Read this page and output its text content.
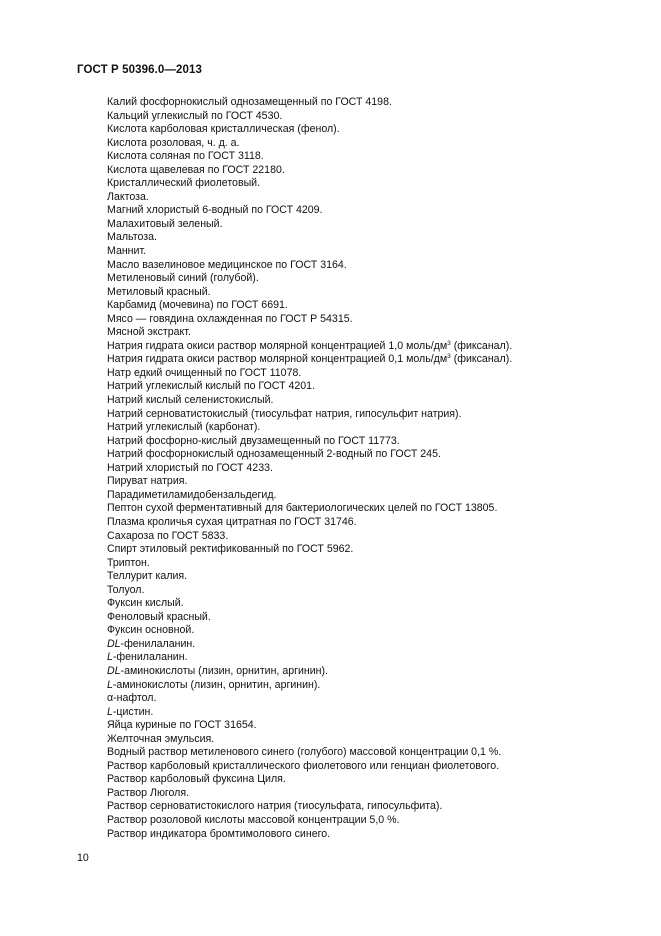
ГОСТ Р 50396.0—2013
Калий фосфорнокислый однозамещенный по ГОСТ 4198.
Кальций углекислый по ГОСТ 4530.
Кислота карболовая кристаллическая (фенол).
Кислота розоловая, ч. д. а.
Кислота соляная по ГОСТ 3118.
Кислота щавелевая по ГОСТ 22180.
Кристаллический фиолетовый.
Лактоза.
Магний хлористый 6-водный по ГОСТ 4209.
Малахитовый зеленый.
Мальтоза.
Маннит.
Масло вазелиновое медицинское по ГОСТ 3164.
Метиленовый синий (голубой).
Метиловый красный.
Карбамид (мочевина) по ГОСТ 6691.
Мясо — говядина охлажденная по ГОСТ Р 54315.
Мясной экстракт.
Натрия гидрата окиси раствор молярной концентрацией 1,0 моль/$дм^3$ (фиксанал).
Натрия гидрата окиси раствор молярной концентрацией 0,1 моль/$дм^3$ (фиксанал).
Натр едкий очищенный по ГОСТ 11078.
Натрий углекислый кислый по ГОСТ 4201.
Натрий кислый селенистокислый.
Натрий серноватистокислый (тиосульфат натрия, гипосульфит натрия).
Натрий углекислый (карбонат).
Натрий фосфорно-кислый двузамещенный по ГОСТ 11773.
Натрий фосфорнокислый однозамещенный 2-водный по ГОСТ 245.
Натрий хлористый по ГОСТ 4233.
Пируват натрия.
Парадиметиламидобензальдегид.
Пептон сухой ферментативный для бактериологических целей по ГОСТ 13805.
Плазма кроличья сухая цитратная по ГОСТ 31746.
Сахароза по ГОСТ 5833.
Спирт этиловый ректификованный по ГОСТ 5962.
Триптон.
Теллурит калия.
Толуол.
Фуксин кислый.
Феноловый красный.
Фуксин основной.
DL-фенилаланин.
L-фенилаланин.
DL-аминокислоты (лизин, орнитин, аргинин).
L-аминокислоты (лизин, орнитин, аргинин).
α-нафтол.
L-цистин.
Яйца куриные по ГОСТ 31654.
Желточная эмульсия.
Водный раствор метиленового синего (голубого) массовой концентрации 0,1 %.
Раствор карболовый кристаллического фиолетового или генциан фиолетового.
Раствор карболовый фуксина Циля.
Раствор Люголя.
Раствор серноватистокислого натрия (тиосульфата, гипосульфита).
Раствор розоловой кислоты массовой концентрации 5,0 %.
Раствор индикатора бромтимолового синего.
10
